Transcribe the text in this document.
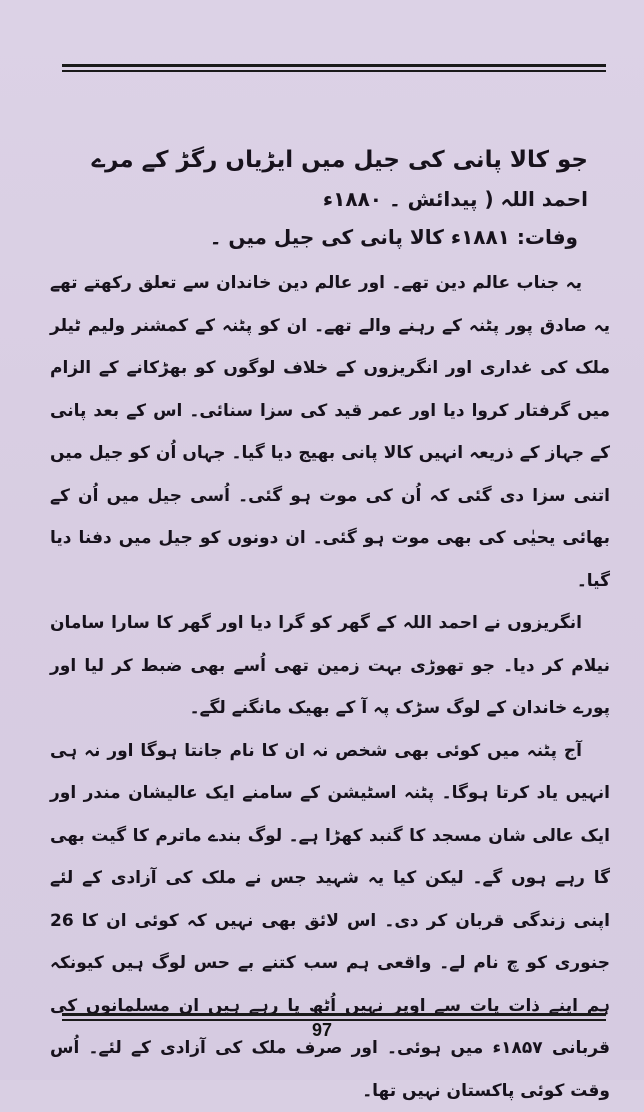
جو کالا پانی کی جیل میں ایڑیاں رگڑ کے مرے

احمد اللہ ( پیدائش ۔ ۱۸۸۰ء

وفات: ۱۸۸۱ء کالا پانی کی جیل میں ۔

یہ جناب عالم دین تھے۔ اور عالم دین خاندان سے تعلق رکھتے تھے یہ صادق پور پٹنہ کے رہنے والے تھے۔ ان کو پٹنہ کے کمشنر ولیم ٹیلر ملک کی غداری اور انگریزوں کے خلاف لوگوں کو بھڑکانے کے الزام میں گرفتار کروا دیا اور عمر قید کی سزا سنائی۔ اس کے بعد پانی کے جہاز کے ذریعہ انہیں کالا پانی بھیج دیا گیا۔ جہاں اُن کو جیل میں اتنی سزا دی گئی کہ اُن کی موت ہو گئی۔ اُسی جیل میں اُن کے بھائی یحیٰی کی بھی موت ہو گئی۔ ان دونوں کو جیل میں دفنا دیا گیا۔

انگریزوں نے احمد اللہ کے گھر کو گرا دیا اور گھر کا سارا سامان نیلام کر دیا۔ جو تھوڑی بہت زمین تھی اُسے بھی ضبط کر لیا اور پورے خاندان کے لوگ سڑک پہ آ کے بھیک مانگنے لگے۔

آج پٹنہ میں کوئی بھی شخص نہ ان کا نام جانتا ہوگا اور نہ ہی انہیں یاد کرتا ہوگا۔ پٹنہ اسٹیشن کے سامنے ایک عالیشان مندر اور ایک عالی شان مسجد کا گنبد کھڑا ہے۔ لوگ بندے ماترم کا گیت بھی گا رہے ہوں گے۔ لیکن کیا یہ شہید جس نے ملک کی آزادی کے لئے اپنی زندگی قربان کر دی۔ اس لائق بھی نہیں کہ کوئی ان کا 26 جنوری کو چ نام لے۔ واقعی ہم سب کتنے بے حس لوگ ہیں کیونکہ ہم اپنے ذات پات سے اوپر نہیں اُٹھ پا رہے ہیں ان مسلمانوں کی قربانی ۱۸۵۷ء میں ہوئی۔ اور صرف ملک کی آزادی کے لئے۔ اُس وقت کوئی پاکستان نہیں تھا۔

97
